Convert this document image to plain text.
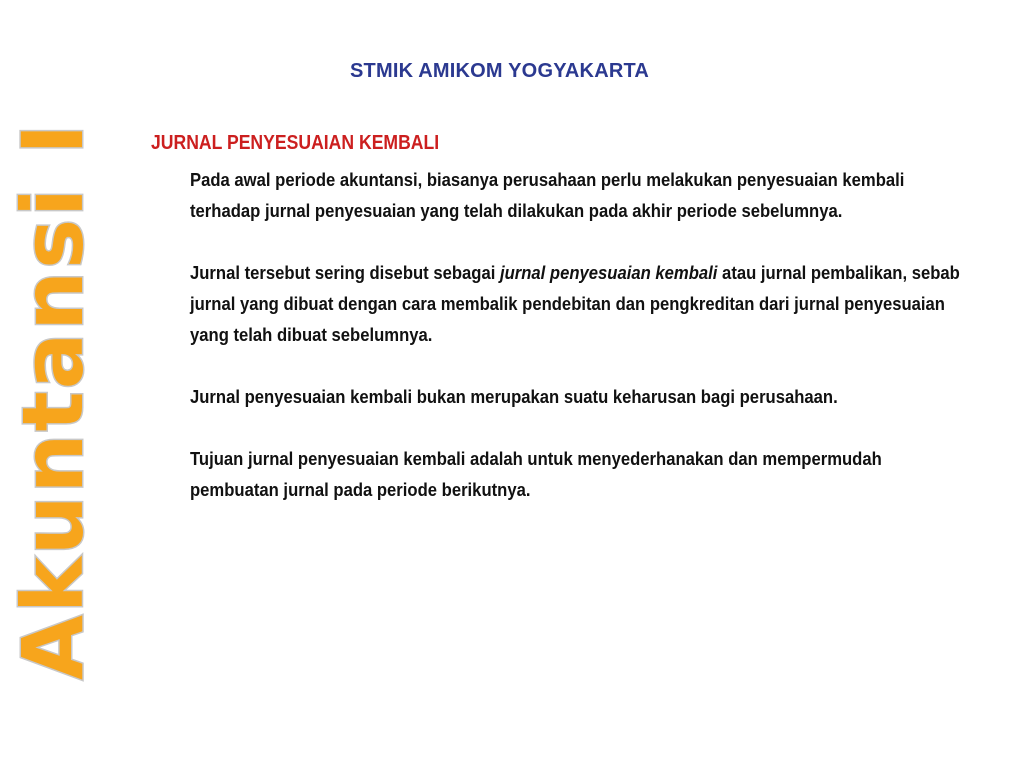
Akuntansi I
STMIK AMIKOM YOGYAKARTA
JURNAL PENYESUAIAN KEMBALI

Pada awal periode akuntansi, biasanya perusahaan perlu melakukan penyesuaian kembali terhadap jurnal penyesuaian yang telah dilakukan pada akhir periode sebelumnya.

Jurnal tersebut sering disebut sebagai jurnal penyesuaian kembali atau jurnal pembalikan, sebab jurnal yang dibuat dengan cara membalik pendebitan dan pengkreditan dari jurnal penyesuaian yang telah dibuat sebelumnya.

Jurnal penyesuaian kembali bukan merupakan suatu keharusan bagi perusahaan.

Tujuan jurnal penyesuaian kembali adalah untuk menyederhanakan dan mempermudah pembuatan jurnal pada periode berikutnya.
